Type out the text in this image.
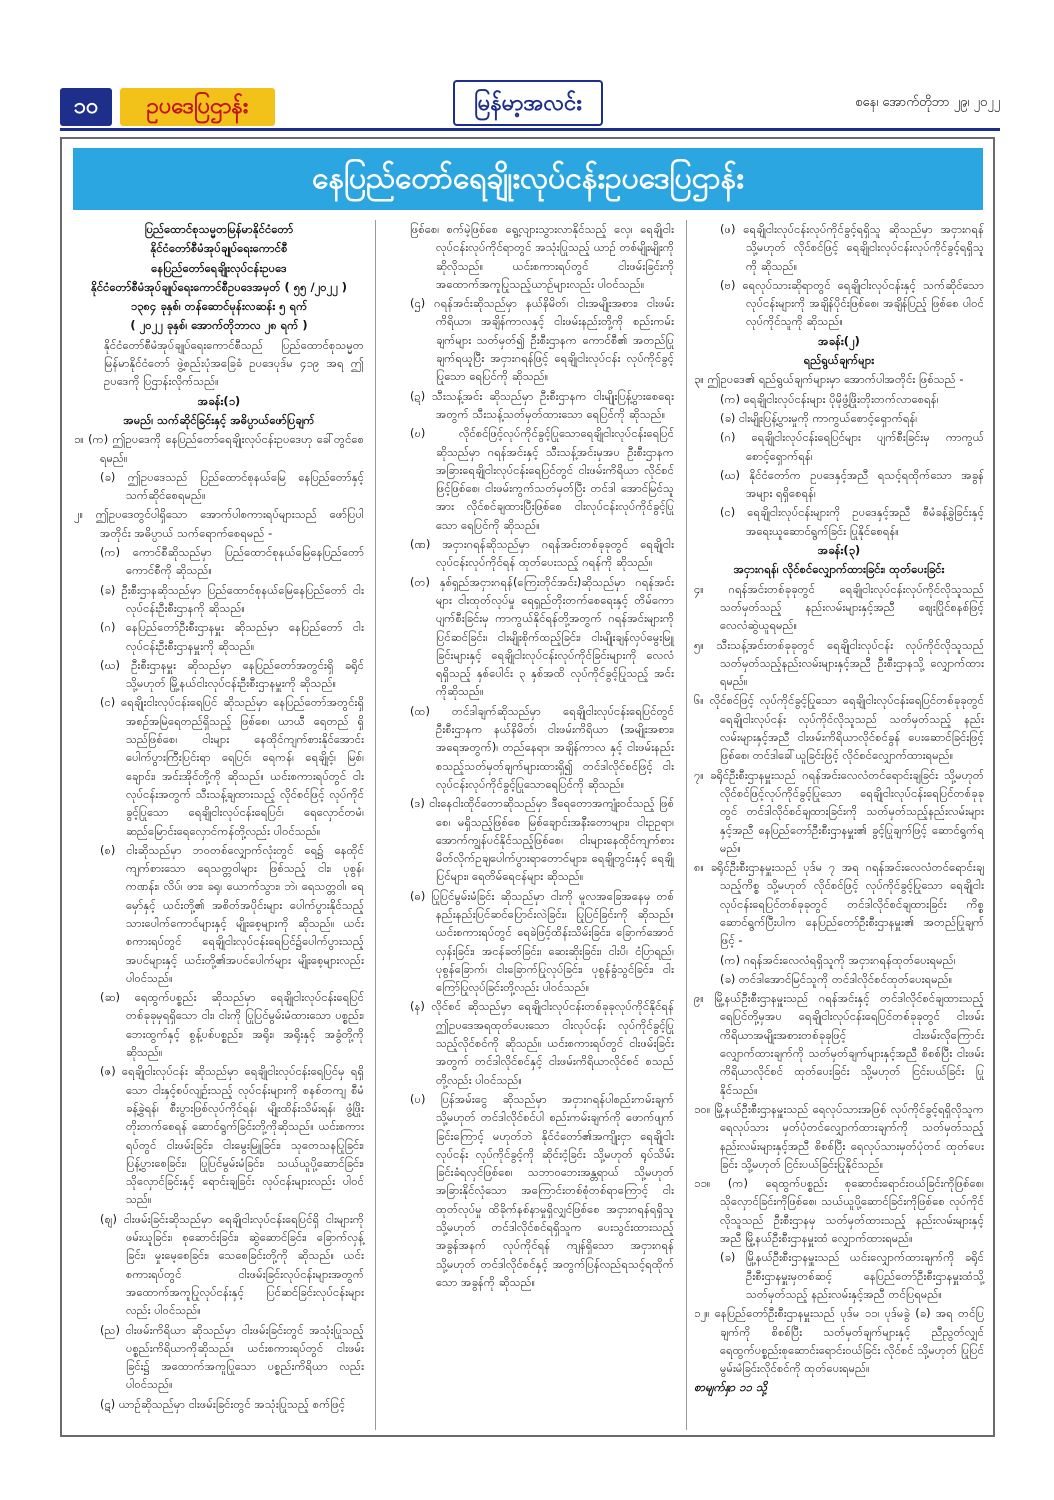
၁၀	ဥပဒေပြဌာန်း	မြန်မာ့အလင်း	စနေ၊ အောက်တိုဘာ ၂၉၊ ၂၀၂၂
နေပြည်တော်ရေချိုးလုပ်ငန်းဥပဒေပြဌာန်း

ပြည်ထောင်စုသမ္မတမြန်မာနိုင်ငံတော်

နိုင်ငံတော်စီမံအုပ်ချုပ်ရေးကောင်စီ

နေပြည်တော်ရေချိုးလုပ်ငန်းဥပဒေ

နိုင်ငံတော်စီမံအုပ်ချုပ်ရေးကောင်စီဥပဒေအမှတ် ( ၅၅ /၂၀၂၂ )

၁၃၈၄ ခုနှစ်၊ တန်ဆောင်မုန်းလဆန်း ၅ ရက်

( ၂၀၂၂ ခုနှစ်၊ အောက်တိုဘာလ ၂၈ ရက် )

နိုင်ငံတော်စီမံအုပ်ချုပ်ရေးကောင်စီသည် ပြည်ထောင်စုသမ္မတမြန်မာနိုင်ငံတော် ဖွဲ့စည်းပုံအခြေခံ ဥပဒေပုဒ်မ ၄၁၉ အရ ဤဥပဒေကို ပြဌာန်းလိုက်သည်။

အခန်း(၁)

အမည်၊ သက်ဆိုင်ခြင်းနှင့် အဓိပ္ပာယ်ဖော်ပြချက်

၁။ (က) ဤဥပဒေကို နေပြည်တော်ရေချိုးလုပ်ငန်းဥပဒေဟု ခေါ်တွင်စေရမည်။

(ခ) ဤဥပဒေသည် ပြည်ထောင်စုနယ်မြေ နေပြည်တော်နှင့် သက်ဆိုင်စေရမည်။

၂။ ဤဥပဒေတွင်ပါရှိသော အောက်ပါစကားရပ်များသည် ဖော်ပြပါ အတိုင်း အဓိပ္ပာယ် သက်ရောက်စေရမည် -

(က) ကောင်စီဆိုသည်မှာ ပြည်ထောင်စုနယ်မြေနေပြည်တော် ကောင်စီကို ဆိုသည်။

(ခ) ဦးစီးဌာနဆိုသည်မှာ ပြည်ထောင်စုနယ်မြေနေပြည်တော် ငါးလုပ်ငန်းဦးစီးဌာနကို ဆိုသည်။

(ဂ) နေပြည်တော်ဦးစီးဌာနမှူး ဆိုသည်မှာ နေပြည်တော် ငါးလုပ်ငန်းဦးစီးဌာနမှူးကို ဆိုသည်။

(ဃ) ဦးစီးဌာနမှူး ဆိုသည်မှာ နေပြည်တော်အတွင်းရှိ ခရိုင် သို့မဟုတ် မြို့နယ်ငါးလုပ်ငန်းဦးစီးဌာနမှူးကို ဆိုသည်။

(င) ရေချိုးငါးလုပ်ငန်းရေပြင် ဆိုသည်မှာ နေပြည်တော်အတွင်းရှိ အစဉ်အမြဲရေတည်ရှိသည့် ဖြစ်စေ၊ ယာယီ ရေတည် ရှိသည်ဖြစ်စေ၊ ငါးများ နေထိုင်ကျက်စားနိုင်အောင်း ပေါက်ပွားကြီးပြင်းရာ ရေပြင်၊ ရေကန်၊ ရေချိုင့်၊ မြစ်၊ ချောင်း၊ အင်းအိုင်တို့ကို ဆိုသည်။ ယင်းစကားရပ်တွင် ငါးလုပ်ငန်းအတွက် သီးသန့်ချထားသည့် လိုင်စင်ဖြင့် လုပ်ကိုင်ခွင့်ပြုသော ရေချိုငါးလုပ်ငန်းရေပြင်၊ ရေလှောင်တမံ၊ ဆည်မြောင်းရေလှောင်ကန်တို့လည်း ပါဝင်သည်။

(စ) ငါးဆိုသည်မှာ ဘဝတစ်လျှောက်လုံးတွင် ရေ၌ နေထိုင်ကျက်စားသော ရေသတ္တဝါများ ဖြစ်သည့် ငါး၊ ပုစွန်၊ ကဏန်း၊ လိပ်၊ ဖား၊ ခရု၊ ယောက်သွား၊ ဘဲ၊ ရေသတ္တဝါ၊ ရေမှော်နှင့် ယင်းတို့၏ အစိတ်အပိုင်းများ ပေါက်ပွားနိုင်သည့် သားပေါက်ကောင်များနှင့် မျိုးစေ့များကို ဆိုသည်။ ယင်းစကားရပ်တွင် ရေချိုငါးလုပ်ငန်းရေပြင်၌ပေါက်ပွားသည့် အပင်များနှင့် ယင်းတို့၏အပင်ပေါက်များ မျိုးစေ့များလည်း ပါဝင်သည်။

(ဆ) ရေထွက်ပစ္စည်း ဆိုသည်မှာ ရေချိုငါးလုပ်ငန်းရေပြင် တစ်ခုခုမှရရှိသော ငါး၊ ငါးကို ပြုပြင်မွမ်းမံထားသော ပစ္စည်း၊ ဘေးထွက်နှင့် စွန့်ပစ်ပစ္စည်း၊ အရိုး၊ အရိုးနှင့် အခွံတို့ကို ဆိုသည်။

(ဇ) ရေချိုငါးလုပ်ငန်း ဆိုသည်မှာ ရေချိုငါးလုပ်ငန်းရေပြင်မှ ရရှိသော ငါးနှင့်စပ်လျဉ်းသည့် လုပ်ငန်းများကို စနစ်တကျ စီမံခန့်ခွဲရန်၊ စီးပွားဖြစ်လုပ်ကိုင်ရန်၊ မျိုးထိန်းသိမ်းရန်၊ ဖွံ့ဖြိုးတိုးတက်စေရန် ဆောင်ရွက်ခြင်းတို့ကိုဆိုသည်။ ယင်းစကားရပ်တွင် ငါးဖမ်းခြင်း၊ ငါးမွေးမြူခြင်း၊ သုတေသနပြုခြင်း၊ ပြန့်ပွားစေခြင်း၊ ပြုပြင်မွမ်းမံခြင်း၊ သယ်ယူပို့ဆောင်ခြင်း၊ သိုလှောင်ခြင်းနှင့် ရောင်းချခြင်း လုပ်ငန်းများလည်း ပါဝင်သည်။

(ဈ) ငါးဖမ်းခြင်းဆိုသည်မှာ ရေချိုငါးလုပ်ငန်းရေပြင်ရှိ ငါးများကို ဖမ်းယူခြင်း၊ စုဆောင်းခြင်း၊ ဆွဲဆောင်ခြင်း၊ ခြောက်လှန့်ခြင်း၊ မှုးမေ့စေခြင်း၊ သေစေခြင်းတို့ကို ဆိုသည်။ ယင်းစကားရပ်တွင် ငါးဖမ်းခြင်းလုပ်ငန်းများအတွက် အထောက်အကူပြုလုပ်ငန်းနှင့် ပြင်ဆင်ခြင်းလုပ်ငန်းများလည်း ပါဝင်သည်။

(ည) ငါးဖမ်းကိရိယာ ဆိုသည်မှာ ငါးဖမ်းခြင်းတွင် အသုံးပြုသည့် ပစ္စည်းကိရိယာကိုဆိုသည်။ ယင်းစကားရပ်တွင် ငါးဖမ်းခြင်း၌ အထောက်အကူပြုသော ပစ္စည်းကိရိယာ လည်း ပါဝင်သည်။

(ဋ) ယာဉ်ဆိုသည်မှာ ငါးဖမ်းခြင်းတွင် အသုံးပြုသည့် စက်ဖြင့်

ဖြစ်စေ၊ စက်မဲ့ဖြစ်စေ ရွေ့လျားသွားလာနိုင်သည့် လှေ၊ ရေချိုငါးလုပ်ငန်းလုပ်ကိုင်ရာတွင် အသုံးပြုသည့် ယာဉ် တစ်မျိုးမျိုးကို ဆိုလိုသည်။ ယင်းစကားရပ်တွင် ငါးဖမ်းခြင်းကို အထောက်အကူပြုသည့်ယာဉ်များလည်း ပါဝင်သည်။

(ဌ) ဂရန်အင်းဆိုသည်မှာ နယ်နိမိတ်၊ ငါးအမျိုးအစား၊ ငါးဖမ်းကိရိယာ၊ အချိန်ကာလနှင့် ငါးဖမ်းနည်းတို့ကို စည်းကမ်းချက်များ သတ်မှတ်၍ ဦးစီးဌာနက ကောင်စီ၏ အတည်ပြုချက်ရယူပြီး အငှားဂရန်ဖြင့် ရေချိုငါးလုပ်ငန်း လုပ်ကိုင်ခွင့်ပြုသော ရေပြင်ကို ဆိုသည်။

(ဍ) သီးသန့်အင်း ဆိုသည်မှာ ဦးစီးဌာနက ငါးမျိုးပြန့်ပွားစေရေးအတွက် သီးသန့်သတ်မှတ်ထားသော ရေပြင်ကို ဆိုသည်။

(ဎ) လိုင်စင်ဖြင့်လုပ်ကိုင်ခွင့်ပြုသောရေချိုငါးလုပ်ငန်းရေပြင် ဆိုသည်မှာ ဂရန်အင်းနှင့် သီးသန့်အင်းမှအပ ဦးစီးဌာနက အခြားရေချိုငါးလုပ်ငန်းရေပြင်တွင် ငါးဖမ်းကိရိယာ လိုင်စင်ဖြင့်ဖြစ်စေ၊ ငါးဖမ်းကွက်သတ်မှတ်ပြီး တင်ဒါ အောင်မြင်သူအား လိုင်စင်ချထားပြီးဖြစ်စေ ငါးလုပ်ငန်းလုပ်ကိုင်ခွင့်ပြုသော ရေပြင်ကို ဆိုသည်။

(ဏ) အငှားဂရန်ဆိုသည်မှာ ဂရန်အင်းတစ်ခုခုတွင် ရေချိုငါးလုပ်ငန်းလုပ်ကိုင်ရန် ထုတ်ပေးသည့် ဂရန်ကို ဆိုသည်။

(တ) နှစ်ရှည်အငှားဂရန်(ကြေးတိုင်အင်း)ဆိုသည်မှာ ဂရန်အင်းများ ငါးထုတ်လုပ်မှု ရေရှည်တိုးတက်စေရေးနှင့် တိမ်ကောပျက်စီးခြင်းမှ ကာကွယ်နိုင်ရန်တို့အတွက် ဂရန်အင်းများကို ပြင်ဆင်ခြင်း၊ ငါးမျိုးစိုက်ထည့်ခြင်း၊ ငါးမျိုးချန်လှပ်မွေးမြူခြင်းများနှင့် ရေချိုငါးလုပ်ငန်းလုပ်ကိုင်ခြင်းများကို လေလံရရှိသည့် နှစ်ပေါင်း ၃ နှစ်အထိ လုပ်ကိုင်ခွင့်ပြုသည့် အင်းကိုဆိုသည်။

(ထ) တင်ဒါချက်ဆိုသည်မှာ ရေချိုငါးလုပ်ငန်းရေပြင်တွင် ဦးစီးဌာနက နယ်နိမိတ်၊ ငါးဖမ်းကိရိယာ (အမျိုးအစား၊ အရေအတွက်)၊ တည်နေရာ၊ အချိန်ကာလ နှင့် ငါးဖမ်းနည်း စသည့်သတ်မှတ်ချက်များထားရှိ၍ တင်ဒါလိုင်စင်ဖြင့် ငါးလုပ်ငန်းလုပ်ကိုင်ခွင့်ပြုသောရေပြင်ကို ဆိုသည်။

(ဒ) ငါးနေငါးထိုင်တောဆိုသည်မှာ ဒီရေတောအကျုံးဝင်သည့် ဖြစ်စေ၊ မရှိသည့်ဖြစ်စေ မြစ်ချောင်းအနီးတောများ၊ ငါးဥဥရာ၊ အောက်ကျွန်ပင်နိုင်သည့်ဖြစ်စေ၊ ငါးများနေထိုင်ကျက်စား မိတ်လိုက်ဥချပေါက်ပွားရာတောင်များ၊ ရေချိုတွင်းနှင့် ရေချို ပြင်များ၊ ရေတိမ်ရေငန်များ ဆိုသည်။

(ဓ) ပြုပြင်မွမ်းမံခြင်း ဆိုသည်မှာ ငါးကို မူလအခြေအနေမှ တစ်နည်းနည်းပြင်ဆင်ပြောင်းလဲခြင်း၊ ပြုပြင်ခြင်းကို ဆိုသည်။ ယင်းစကားရပ်တွင် ရေခဲဖြင့်ထိန်းသိမ်းခြင်း၊ ခြောက်အောင်လှန်းခြင်း၊ အငန်ခတ်ခြင်း၊ ဆေးဆိုးခြင်း၊ ငါးပိ၊ ငံပြာရည်၊ ပုစွန်ခြောက်၊ ငါးခြောက်ပြုလုပ်ခြင်း၊ ပုစွန်ခွံသွင်ခြင်း၊ ငါးကြော်ပြုလုပ်ခြင်းတို့လည်း ပါဝင်သည်။

(န) လိုင်စင် ဆိုသည်မှာ ရေချိုငါးလုပ်ငန်းတစ်ခုခုလုပ်ကိုင်နိုင်ရန် ဤဥပဒေအရထုတ်ပေးသော ငါးလုပ်ငန်း လုပ်ကိုင်ခွင့်ပြုသည့်လိုင်စင်ကို ဆိုသည်။ ယင်းစကားရပ်တွင် ငါးဖမ်းခြင်းအတွက် တင်ဒါလိုင်စင်နှင့် ငါးဖမ်းကိရိယာလိုင်စင် စသည်တို့လည်း ပါဝင်သည်။

(ပ) ပြန်အမ်းငွေ ဆိုသည်မှာ အငှားဂရန်ပါစည်းကမ်းချက် သို့မဟုတ် တင်ဒါလိုင်စင်ပါ စည်းကမ်းချက်ကို ဖောက်ဖျက်ခြင်းကြောင့် မဟုတ်ဘဲ နိုင်ငံတော်၏အကျိုးငှာ ရေချိုငါးလုပ်ငန်း လုပ်ကိုင်ခွင့်ကို ဆိုင်းငံ့ခြင်း သို့မဟုတ် ရုပ်သိမ်းခြင်းခံရလှင်ဖြစ်စေ၊ သဘာဝဘေးအန္တရာယ် သို့မဟုတ် အခြားနိုင်လုံသော အကြောင်းတစ်စုံတစ်ရာကြောင့် ငါးထုတ်လုပ်မှု ထိခိုက်နစ်နာမှုရှိလျှင်ဖြစ်စေ အငှားဂရန်ရရှိသူ သို့မဟုတ် တင်ဒါလိုင်စင်ရရှိသူက ပေးသွင်းထားသည့် အခွန်အနက် လုပ်ကိုင်ရန် ကျန်ရှိသော အငှားဂရန် သို့မဟုတ် တင်ဒါလိုင်စင်နှင့် အတွက်ပြန်လည်ရသင့်ရထိုက်သော အခွန်ကို ဆိုသည်။

(ဖ) ရေချိုငါးလုပ်ငန်းလုပ်ကိုင်ခွင့်ရရှိသူ ဆိုသည်မှာ အငှားဂရန် သို့မဟုတ် လိုင်စင်ဖြင့် ရေချိုငါးလုပ်ငန်းလုပ်ကိုင်ခွင့်ရရှိသူကို ဆိုသည်။

(ဗ) ရေလုပ်သားဆိုရာတွင် ရေချိုငါးလုပ်ငန်းနှင့် သက်ဆိုင်သောလုပ်ငန်းများကို အချိန်ပိုင်းဖြစ်စေ၊ အချိန်ပြည့် ဖြစ်စေ ပါဝင်လုပ်ကိုင်သူကို ဆိုသည်။

အခန်း(၂)

ရည်ရွယ်ချက်များ

၃။ ဤဥပဒေ၏ ရည်ရွယ်ချက်များမှာ အောက်ပါအတိုင်း ဖြစ်သည် -

(က) ရေချိုငါးလုပ်ငန်းများ ပိုမိုဖွံ့ဖြိုးတိုးတက်လာစေရန်၊

(ခ) ငါးမျိုးပြန့်ပွားမှုကို ကာကွယ်စောင့်ရှောက်ရန်၊

(ဂ) ရေချိုငါးလုပ်ငန်းရေပြင်များ ပျက်စီးခြင်းမှ ကာကွယ်စောင့်ရှောက်ရန်၊

(ဃ) နိုင်ငံတော်က ဥပဒေနှင့်အညီ ရသင့်ရထိုက်သော အခွန်အများ ရရှိစေရန်၊

(င) ရေချိုငါးလုပ်ငန်းများကို ဥပဒေနှင့်အညီ စီမံခန့်ခွဲခြင်းနှင့် အရေးယူဆောင်ရွက်ခြင်း ပြုနိုင်စေရန်။

အခန်း(၃)

အငှားဂရန်၊ လိုင်စင်လျှောက်ထားခြင်း၊ ထုတ်ပေးခြင်း

၄။ ဂရန်အင်းတစ်ခုခုတွင် ရေချိုငါးလုပ်ငန်းလုပ်ကိုင်လိုသူသည် သတ်မှတ်သည့် နည်းလမ်းများနှင့်အညီ ဈေးပြိုင်စနစ်ဖြင့် လေလံဆွဲယူရမည်။

၅။ သီးသန့်အင်းတစ်ခုခုတွင် ရေချိုငါးလုပ်ငန်း လုပ်ကိုင်လိုသူသည် သတ်မှတ်သည့်နည်းလမ်းများနှင့်အညီ ဦးစီးဌာနသို့ လျှောက်ထားရမည်။

၆။ လိုင်စင်ဖြင့် လုပ်ကိုင်ခွင့်ပြုသော ရေချိုငါးလုပ်ငန်းရေပြင်တစ်ခုခုတွင် ရေချိုငါးလုပ်ငန်း လုပ်ကိုင်လိုသူသည် သတ်မှတ်သည့် နည်းလမ်းများနှင့်အညီ ငါးဖမ်းကိရိယာလိုင်စင်ခွန် ပေးဆောင်ခြင်းဖြင့်ဖြစ်စေ၊ တင်ဒါခေါ်ယူခြင်းဖြင့် လိုင်စင်လျှောက်ထားရမည်။

၇။ ခရိုင်ဦးစီးဌာနမှူးသည် ဂရန်အင်းလေလံတင်ရောင်းချခြင်း သို့မဟုတ် လိုင်စင်ဖြင့်လုပ်ကိုင်ခွင့်ပြုသော ရေချိုငါးလုပ်ငန်းရေပြင်တစ်ခုခုတွင် တင်ဒါလိုင်စင်ချထားခြင်းကို သတ်မှတ်သည့်နည်းလမ်းများနှင့်အညီ နေပြည်တော်ဦးစီးဌာနမှူး၏ ခွင့်ပြုချက်ဖြင့် ဆောင်ရွက်ရမည်။

၈။ ခရိုင်ဦးစီးဌာနမှူးသည် ပုဒ်မ ၇ အရ ဂရန်အင်းလေလံတင်ရောင်းချသည့်ကိစ္စ သို့မဟုတ် လိုင်စင်ဖြင့် လုပ်ကိုင်ခွင့်ပြုသော ရေချိုငါးလုပ်ငန်းရေပြင်တစ်ခုခုတွင် တင်ဒါလိုင်စင်ချထားခြင်း ကိစ္စ ဆောင်ရွက်ပြီးပါက နေပြည်တော်ဦးစီးဌာနမှူး၏ အတည်ပြုချက်ဖြင့် -

(က) ဂရန်အင်းလေလံရရှိသူကို အငှားဂရန်ထုတ်ပေးရမည်၊

(ခ) တင်ဒါအောင်မြင်သူကို တင်ဒါလိုင်စင်ထုတ်ပေးရမည်။

၉။ မြို့နယ်ဦးစီးဌာနမှူးသည် ဂရန်အင်းနှင့် တင်ဒါလိုင်စင်ချထားသည့် ရေပြင်တို့မှအပ ရေချိုငါးလုပ်ငန်းရေပြင်တစ်ခုခုတွင် ငါးဖမ်းကိရိယာအမျိုးအစားတစ်ခုခုဖြင့် ငါးဖမ်းလိုကြောင်း လျှောက်ထားချက်ကို သတ်မှတ်ချက်များနှင့်အညီ စိစစ်ပြီး ငါးဖမ်းကိရိယာလိုင်စင် ထုတ်ပေးခြင်း သို့မဟုတ် ငြင်းပယ်ခြင်း ပြုနိုင်သည်။

၁၀။ မြို့နယ်ဦးစီးဌာနမှူးသည် ရေလုပ်သားအဖြစ် လုပ်ကိုင်ခွင့်ရရှိလိုသူက ရေလုပ်သား မှတ်ပုံတင်လျှောက်ထားချက်ကို သတ်မှတ်သည့် နည်းလမ်းများနှင့်အညီ စိစစ်ပြီး ရေလုပ်သားမှတ်ပုံတင် ထုတ်ပေးခြင်း သို့မဟုတ် ငြင်းပယ်ခြင်းပြုနိုင်သည်။

၁၁။ (က) ရေထွက်ပစ္စည်း စုဆောင်းရောင်းဝယ်ခြင်းကိုဖြစ်စေ၊ သိုလှောင်ခြင်းကိုဖြစ်စေ၊ သယ်ယူပို့ဆောင်ခြင်းကိုဖြစ်စေ လုပ်ကိုင်လိုသူသည် ဦးစီးဌာနမှ သတ်မှတ်ထားသည့် နည်းလမ်းများနှင့်အညီ မြို့နယ်ဦးစီးဌာနမှူးထံ လျှောက်ထားရမည်။

(ခ) မြို့နယ်ဦးစီးဌာနမှူးသည် ယင်းလျှောက်ထားချက်ကို ခရိုင်ဦးစီးဌာနမှူးမှတစ်ဆင့် နေပြည်တော်ဦးစီးဌာနမှူးထံသို့ သတ်မှတ်သည့် နည်းလမ်းနှင့်အညီ တင်ပြရမည်။

၁၂။ နေပြည်တော်ဦးစီးဌာနမှူးသည် ပုဒ်မ ၁၁၊ ပုဒ်မခွဲ (ခ) အရ တင်ပြချက်ကို စိစစ်ပြီး သတ်မှတ်ချက်များနှင့် ညီညွတ်လျှင် ရေထွက်ပစ္စည်းစုဆောင်းရောင်းဝယ်ခြင်း လိုင်စင် သို့မဟုတ် ပြုပြင်မွမ်းမံခြင်းလိုင်စင်ကို ထုတ်ပေးရမည်။

စာမျက်နှာ ၁၁ သို့
